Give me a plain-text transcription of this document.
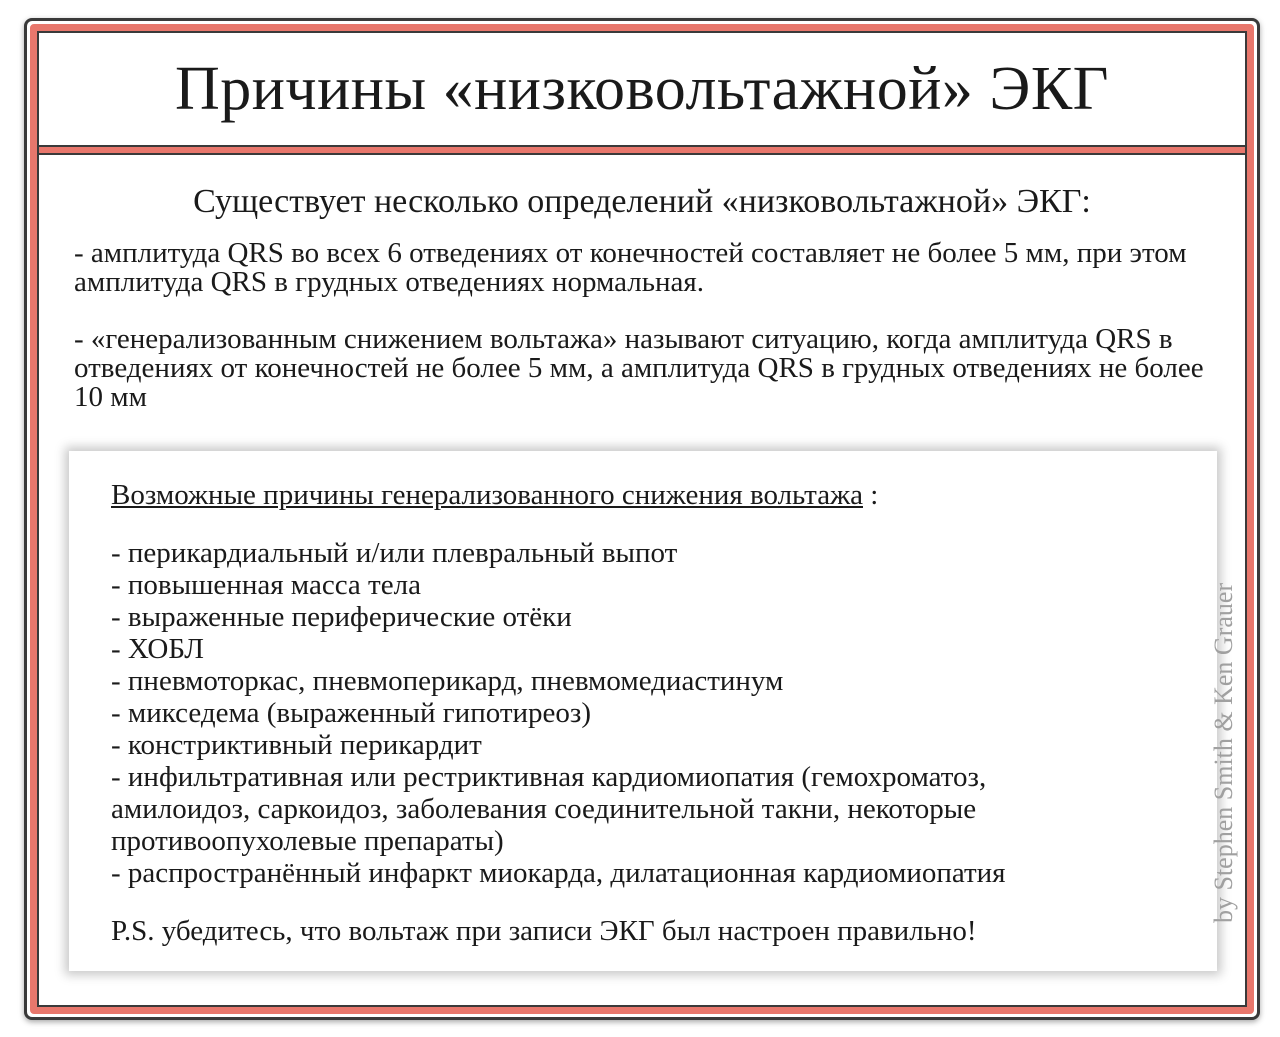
Причины «низковольтажной» ЭКГ
Существует несколько определений «низковольтажной» ЭКГ:

- амплитуда QRS во всех 6 отведениях от конечностей составляет не более 5 мм, при этом амплитуда QRS в грудных отведениях нормальная.

- «генерализованным снижением вольтажа» называют ситуацию, когда амплитуда QRS в отведениях от конечностей не более 5 мм, а амплитуда QRS в грудных отведениях не более 10 мм

Возможные причины генерализованного снижения вольтажа :
- перикардиальный и/или плевральный выпот
- повышенная масса тела
- выраженные периферические отёки
- ХОБЛ
- пневмоторкас, пневмоперикард, пневмомедиастинум
- микседема (выраженный гипотиреоз)
- констриктивный перикардит
- инфильтративная или рестриктивная кардиомиопатия (гемохроматоз, амилоидоз, саркоидоз, заболевания соединительной такни, некоторые противоопухолевые препараты)
- распространённый инфаркт миокарда, дилатационная кардиомиопатия
P.S. убедитесь, что вольтаж при записи ЭКГ был настроен правильно!
by Stephen Smith & Ken Grauer
